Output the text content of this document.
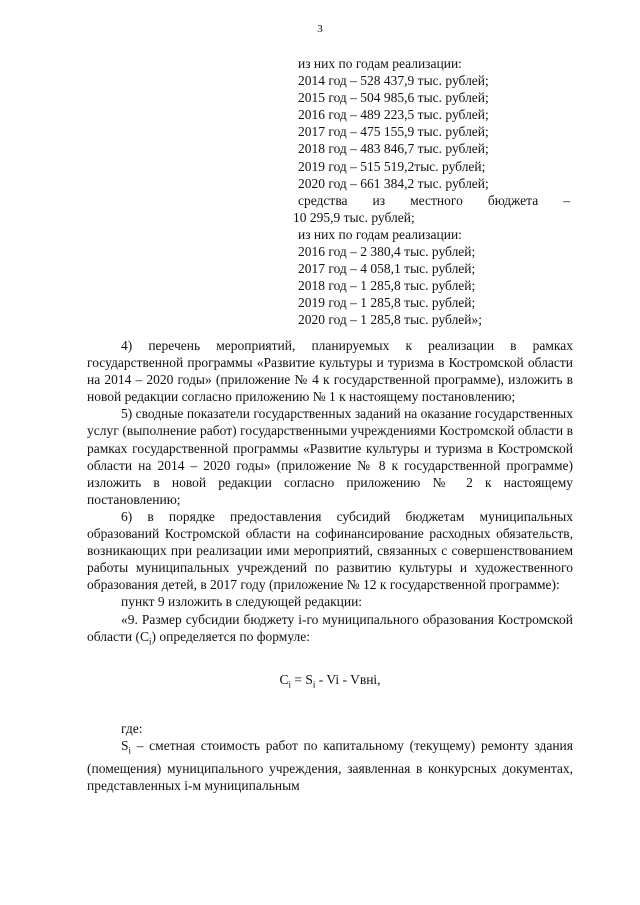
3
из них по годам реализации:
2014 год – 528 437,9 тыс. рублей;
2015 год – 504 985,6 тыс. рублей;
2016 год – 489 223,5 тыс. рублей;
2017 год – 475 155,9 тыс. рублей;
2018 год – 483 846,7 тыс. рублей;
2019 год – 515 519,2тыс. рублей;
2020 год – 661 384,2 тыс. рублей;
средства из местного бюджета –
10 295,9 тыс. рублей;
из них по годам реализации:
2016 год – 2 380,4 тыс. рублей;
2017 год – 4 058,1 тыс. рублей;
2018 год – 1 285,8 тыс. рублей;
2019 год – 1 285,8 тыс. рублей;
2020 год – 1 285,8 тыс. рублей»;

4) перечень мероприятий, планируемых к реализации в рамках государственной программы «Развитие культуры и туризма в Костромской области на 2014 – 2020 годы» (приложение № 4 к государственной программе), изложить в новой редакции согласно приложению № 1 к настоящему постановлению;

5) сводные показатели государственных заданий на оказание государственных услуг (выполнение работ) государственными учреждениями Костромской области в рамках государственной программы «Развитие культуры и туризма в Костромской области на 2014 – 2020 годы» (приложение № 8 к государственной программе) изложить в новой редакции согласно приложению № 2 к настоящему постановлению;

6) в порядке предоставления субсидий бюджетам муниципальных образований Костромской области на софинансирование расходных обязательств, возникающих при реализации ими мероприятий, связанных с совершенствованием работы муниципальных учреждений по развитию культуры и художественного образования детей, в 2017 году (приложение № 12 к государственной программе):

пункт 9 изложить в следующей редакции:

«9. Размер субсидии бюджету i-го муниципального образования Костромской области $(C_i)$ определяется по формуле:

$C_i = S_i - Vi$ - Vвнi,

где:

$S_i$ – сметная стоимость работ по капитальному (текущему) ремонту здания (помещения) муниципального учреждения, заявленная в конкурсных документах, представленных i-м муниципальным
